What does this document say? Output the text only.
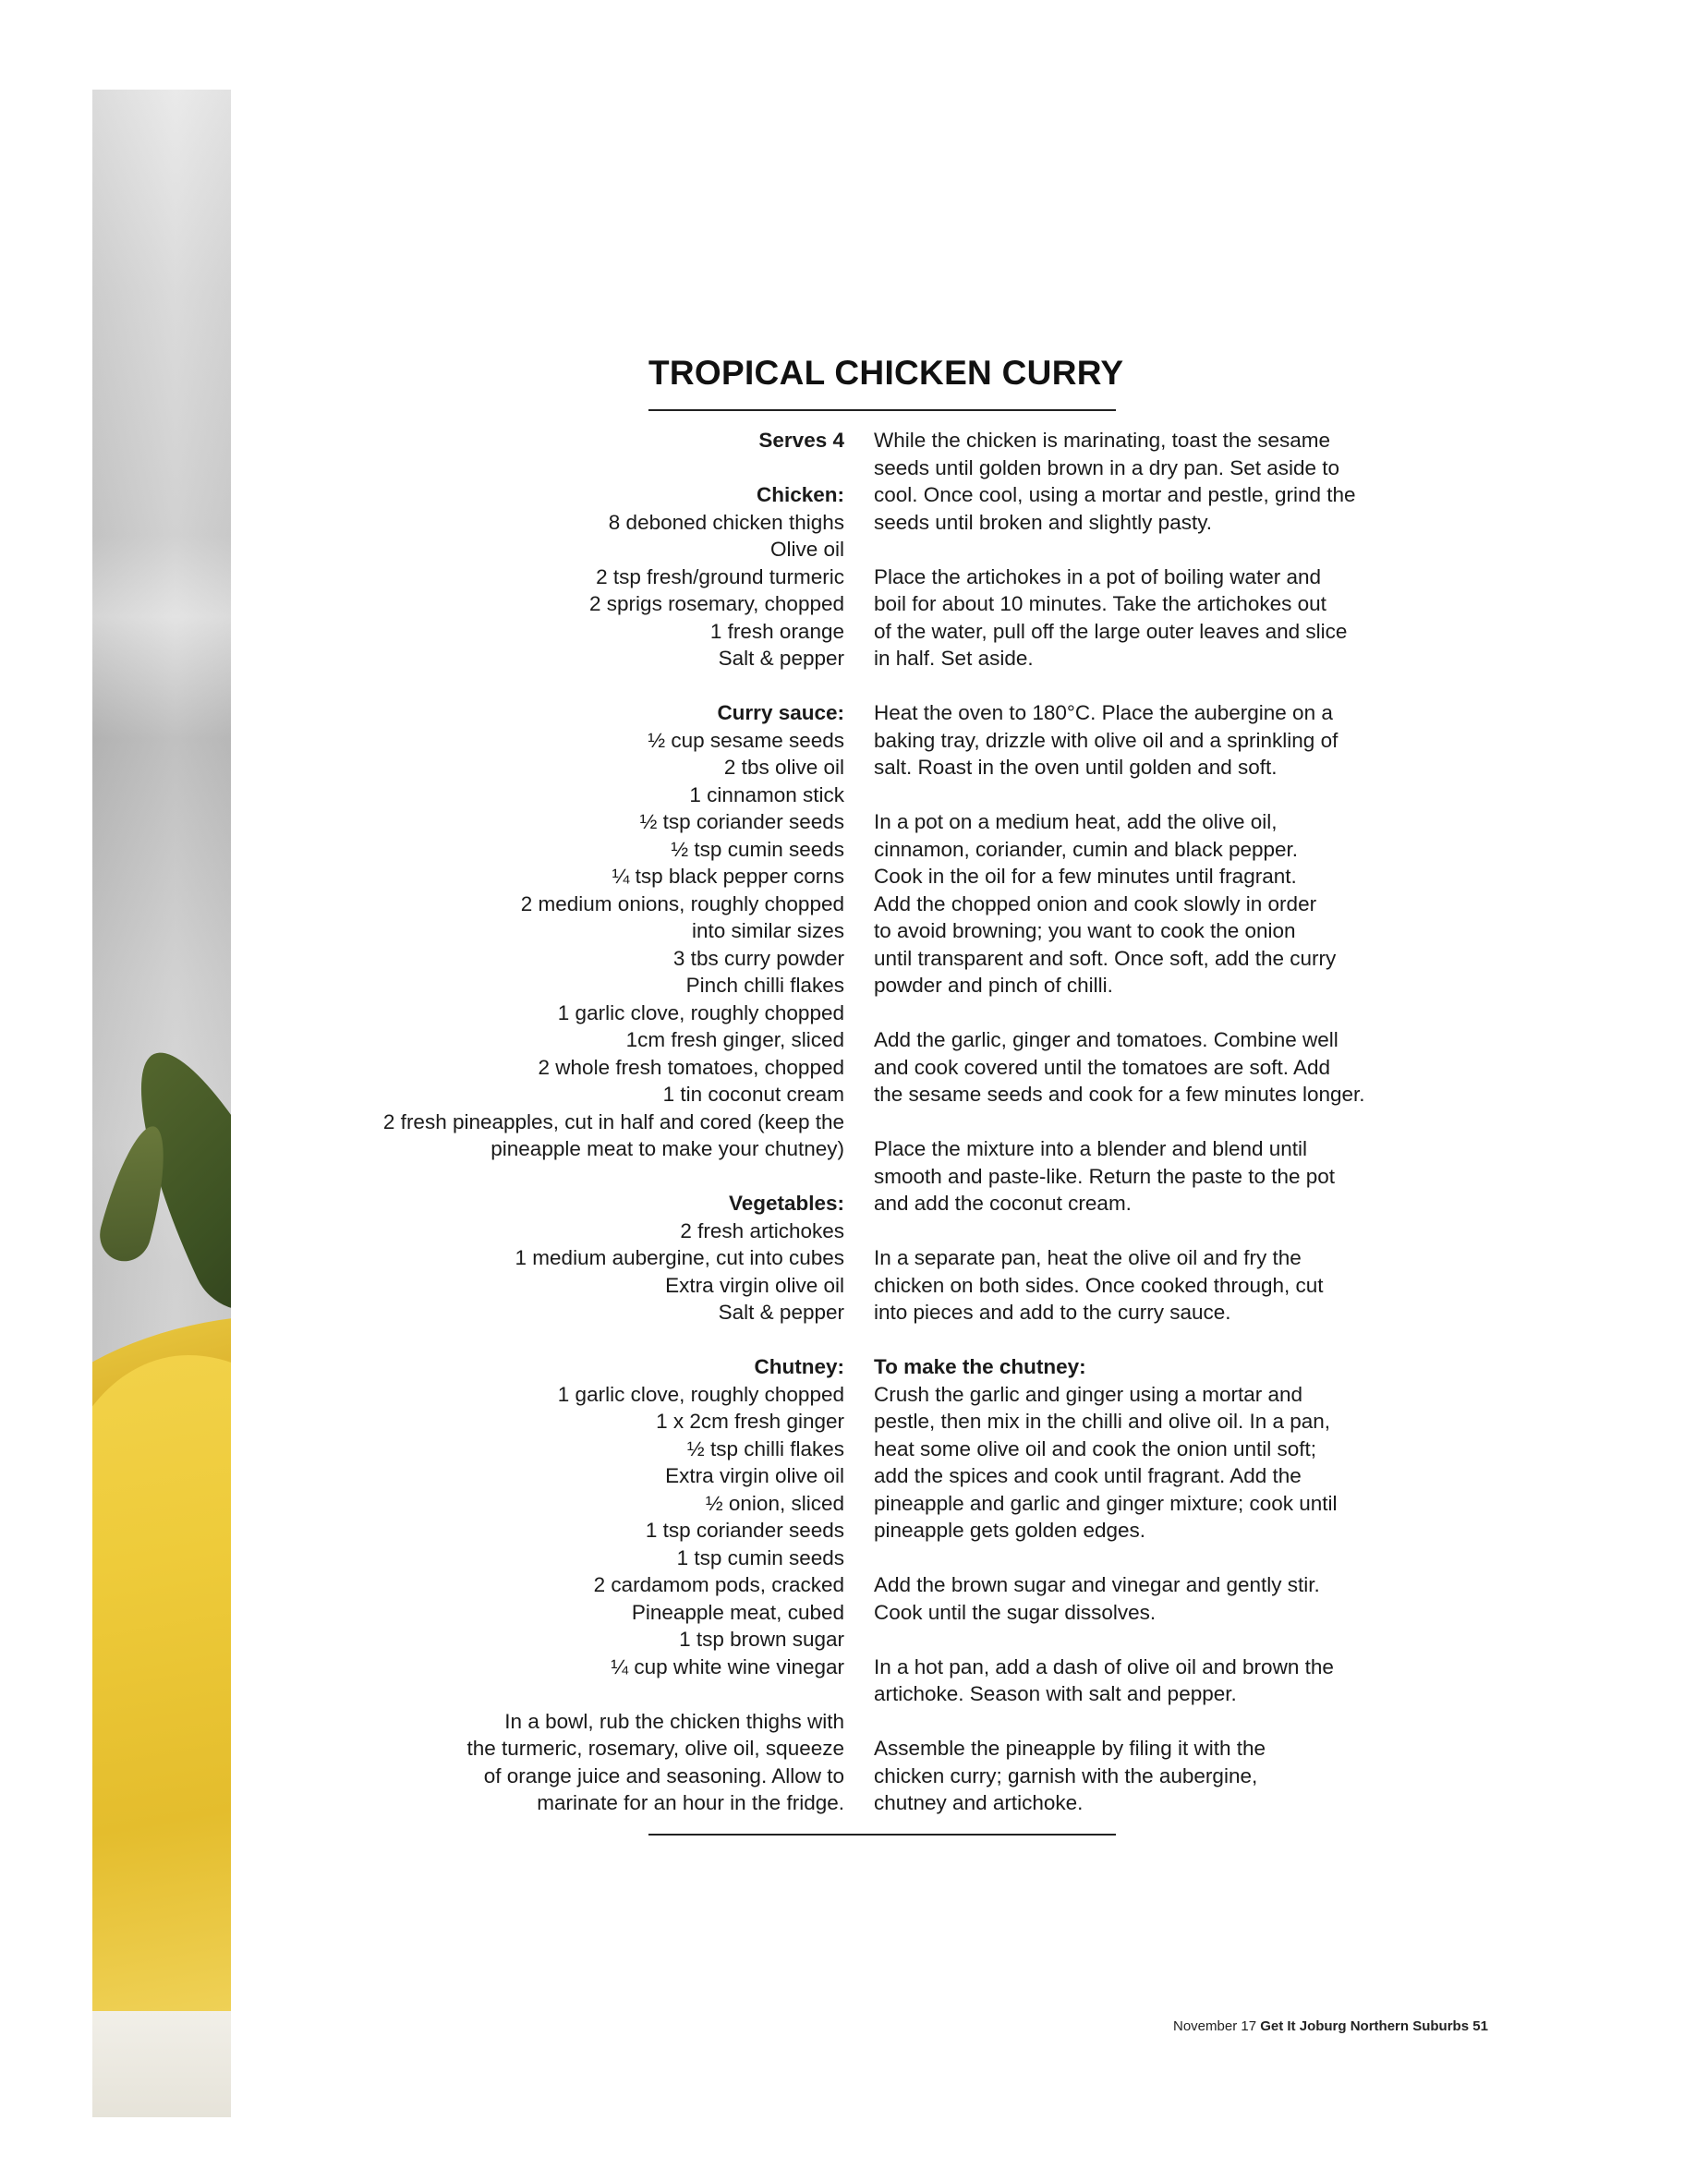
TROPICAL CHICKEN CURRY
Serves 4
Chicken:
8 deboned chicken thighs
Olive oil
2 tsp fresh/ground turmeric
2 sprigs rosemary, chopped
1 fresh orange
Salt & pepper
Curry sauce:
½ cup sesame seeds
2 tbs olive oil
1 cinnamon stick
½ tsp coriander seeds
½ tsp cumin seeds
¼ tsp black pepper corns
2 medium onions, roughly chopped
into similar sizes
3 tbs curry powder
Pinch chilli flakes
1 garlic clove, roughly chopped
1cm fresh ginger, sliced
2 whole fresh tomatoes, chopped
1 tin coconut cream
2 fresh pineapples, cut in half and cored (keep the
pineapple meat to make your chutney)
Vegetables:
2 fresh artichokes
1 medium aubergine, cut into cubes
Extra virgin olive oil
Salt & pepper
Chutney:
1 garlic clove, roughly chopped
1 x 2cm fresh ginger
½ tsp chilli flakes
Extra virgin olive oil
½ onion, sliced
1 tsp coriander seeds
1 tsp cumin seeds
2 cardamom pods, cracked
Pineapple meat, cubed
1 tsp brown sugar
¼ cup white wine vinegar
In a bowl, rub the chicken thighs with
the turmeric, rosemary, olive oil, squeeze
of orange juice and seasoning. Allow to
marinate for an hour in the fridge.
While the chicken is marinating, toast the sesame
seeds until golden brown in a dry pan. Set aside to
cool. Once cool, using a mortar and pestle, grind the
seeds until broken and slightly pasty.
Place the artichokes in a pot of boiling water and
boil for about 10 minutes. Take the artichokes out
of the water, pull off the large outer leaves and slice
in half. Set aside.
Heat the oven to 180°C. Place the aubergine on a
baking tray, drizzle with olive oil and a sprinkling of
salt. Roast in the oven until golden and soft.
In a pot on a medium heat, add the olive oil,
cinnamon, coriander, cumin and black pepper.
Cook in the oil for a few minutes until fragrant.
Add the chopped onion and cook slowly in order
to avoid browning; you want to cook the onion
until transparent and soft. Once soft, add the curry
powder and pinch of chilli.
Add the garlic, ginger and tomatoes. Combine well
and cook covered until the tomatoes are soft. Add
the sesame seeds and cook for a few minutes longer.
Place the mixture into a blender and blend until
smooth and paste-like. Return the paste to the pot
and add the coconut cream.
In a separate pan, heat the olive oil and fry the
chicken on both sides. Once cooked through, cut
into pieces and add to the curry sauce.
To make the chutney:
Crush the garlic and ginger using a mortar and
pestle, then mix in the chilli and olive oil. In a pan,
heat some olive oil and cook the onion until soft;
add the spices and cook until fragrant. Add the
pineapple and garlic and ginger mixture; cook until
pineapple gets golden edges.
Add the brown sugar and vinegar and gently stir.
Cook until the sugar dissolves.
In a hot pan, add a dash of olive oil and brown the
artichoke. Season with salt and pepper.
Assemble the pineapple by filing it with the
chicken curry; garnish with the aubergine,
chutney and artichoke.
November 17 Get It Joburg Northern Suburbs 51
